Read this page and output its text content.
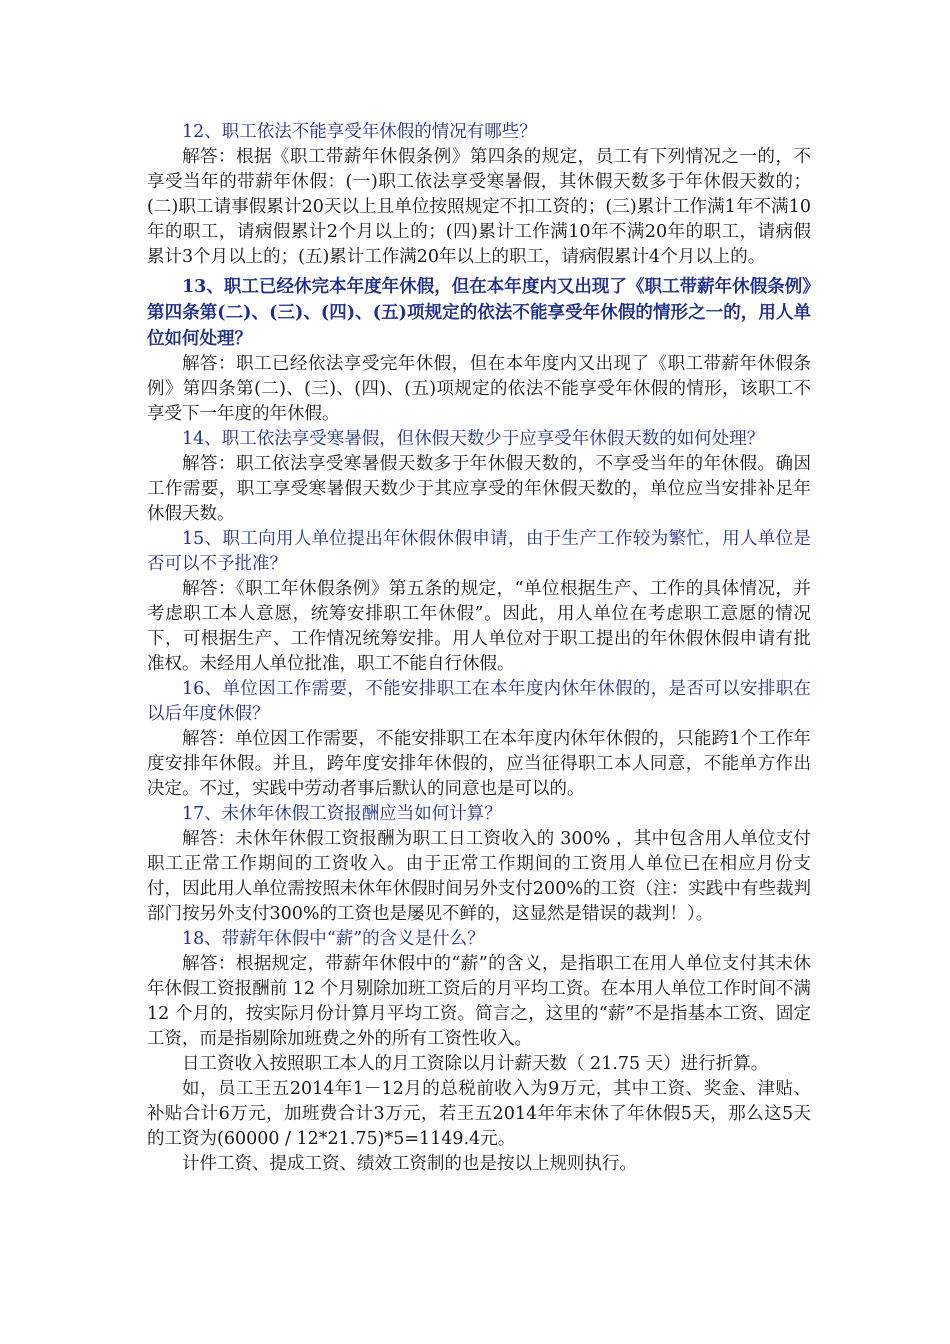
12、职工依法不能享受年休假的情况有哪些？

解答：根据《职工带薪年休假条例》第四条的规定，员工有下列情况之一的，不享受当年的带薪年休假：(一)职工依法享受寒暑假，其休假天数多于年休假天数的；(二)职工请事假累计20天以上且单位按照规定不扣工资的；(三)累计工作满1年不满10年的职工，请病假累计2个月以上的；(四)累计工作满10年不满20年的职工，请病假累计3个月以上的；(五)累计工作满20年以上的职工，请病假累计4个月以上的。

13、职工已经休完本年度年休假，但在本年度内又出现了《职工带薪年休假条例》第四条第(二)、(三)、(四)、(五)项规定的依法不能享受年休假的情形之一的，用人单位如何处理？

解答：职工已经依法享受完年休假，但在本年度内又出现了《职工带薪年休假条例》第四条第(二)、(三)、(四)、(五)项规定的依法不能享受年休假的情形，该职工不享受下一年度的年休假。

14、职工依法享受寒暑假，但休假天数少于应享受年休假天数的如何处理？

解答：职工依法享受寒暑假天数多于年休假天数的，不享受当年的年休假。确因工作需要，职工享受寒暑假天数少于其应享受的年休假天数的，单位应当安排补足年休假天数。

15、职工向用人单位提出年休假休假申请，由于生产工作较为繁忙，用人单位是否可以不予批准？

解答：《职工年休假条例》第五条的规定，“单位根据生产、工作的具体情况，并考虑职工本人意愿，统筹安排职工年休假”。因此，用人单位在考虑职工意愿的情况下，可根据生产、工作情况统筹安排。用人单位对于职工提出的年休假休假申请有批准权。未经用人单位批准，职工不能自行休假。

16、单位因工作需要，不能安排职工在本年度内休年休假的，是否可以安排职在以后年度休假？

解答：单位因工作需要，不能安排职工在本年度内休年休假的，只能跨1个工作年度安排年休假。并且，跨年度安排年休假的，应当征得职工本人同意，不能单方作出决定。不过，实践中劳动者事后默认的同意也是可以的。

17、未休年休假工资报酬应当如何计算？

解答：未休年休假工资报酬为职工日工资收入的 300% ，其中包含用人单位支付职工正常工作期间的工资收入。由于正常工作期间的工资用人单位已在相应月份支付，因此用人单位需按照未休年休假时间另外支付200%的工资（注：实践中有些裁判部门按另外支付300%的工资也是屡见不鲜的，这显然是错误的裁判！）。

18、带薪年休假中“薪”的含义是什么？

解答：根据规定，带薪年休假中的“薪”的含义，是指职工在用人单位支付其未休年休假工资报酬前 12 个月剔除加班工资后的月平均工资。在本用人单位工作时间不满12 个月的，按实际月份计算月平均工资。简言之，这里的“薪”不是指基本工资、固定工资，而是指剔除加班费之外的所有工资性收入。

日工资收入按照职工本人的月工资除以月计薪天数（ 21.75 天）进行折算。

如，员工王五2014年1－12月的总税前收入为9万元，其中工资、奖金、津贴、补贴合计6万元，加班费合计3万元，若王五2014年年末休了年休假5天，那么这5天的工资为(60000 / 12*21.75)*5=1149.4元。

计件工资、提成工资、绩效工资制的也是按以上规则执行。
